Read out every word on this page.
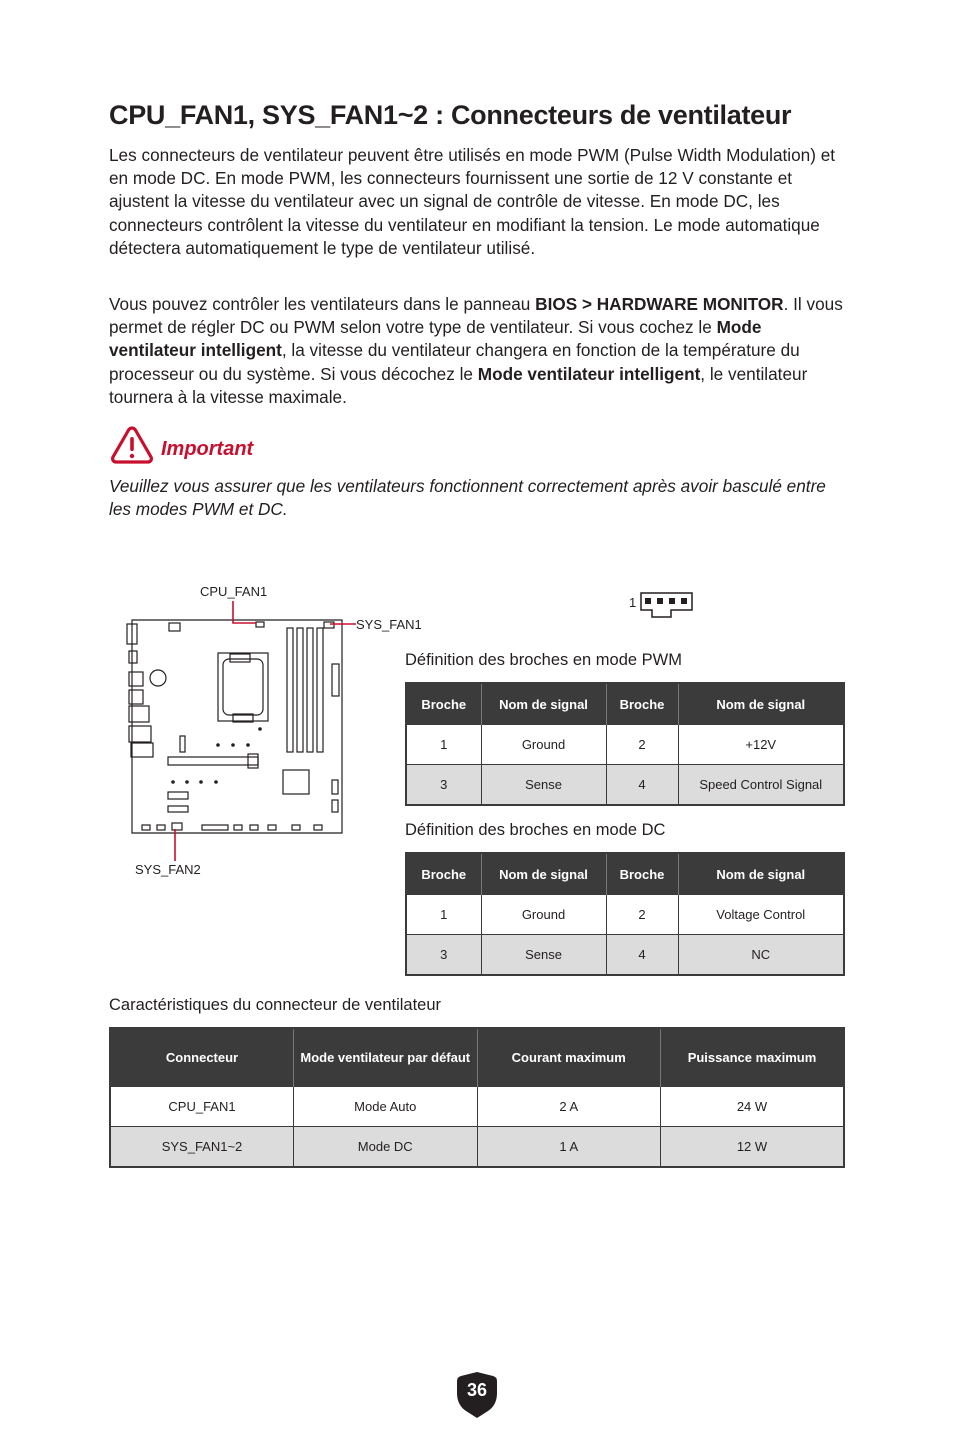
CPU_FAN1, SYS_FAN1~2 : Connecteurs de ventilateur

Les connecteurs de ventilateur peuvent être utilisés en mode PWM (Pulse Width Modulation) et en mode DC. En mode PWM, les connecteurs fournissent une sortie de 12 V constante et ajustent la vitesse du ventilateur avec un signal de contrôle de vitesse. En mode DC, les connecteurs contrôlent la vitesse du ventilateur en modifiant la tension. Le mode automatique détectera automatiquement le type de ventilateur utilisé.

Vous pouvez contrôler les ventilateurs dans le panneau BIOS > HARDWARE MONITOR. Il vous permet de régler DC ou PWM selon votre type de ventilateur. Si vous cochez le Mode ventilateur intelligent, la vitesse du ventilateur changera en fonction de la température du processeur ou du système. Si vous décochez le Mode ventilateur intelligent, le ventilateur tournera à la vitesse maximale.

Important

Veuillez vous assurer que les ventilateurs fonctionnent correctement après avoir basculé entre les modes PWM et DC.

CPU_FAN1
SYS_FAN1
SYS_FAN2
1
Définition des broches en mode PWM
Broche	Nom de signal	Broche	Nom de signal
1	Ground	2	+12V
3	Sense	4	Speed Control Signal
Définition des broches en mode DC
Broche	Nom de signal	Broche	Nom de signal
1	Ground	2	Voltage Control
3	Sense	4	NC
Caractéristiques du connecteur de ventilateur
Connecteur	Mode ventilateur par défaut	Courant maximum	Puissance maximum
CPU_FAN1	Mode Auto	2 A	24 W
SYS_FAN1~2	Mode DC	1 A	12 W
36
